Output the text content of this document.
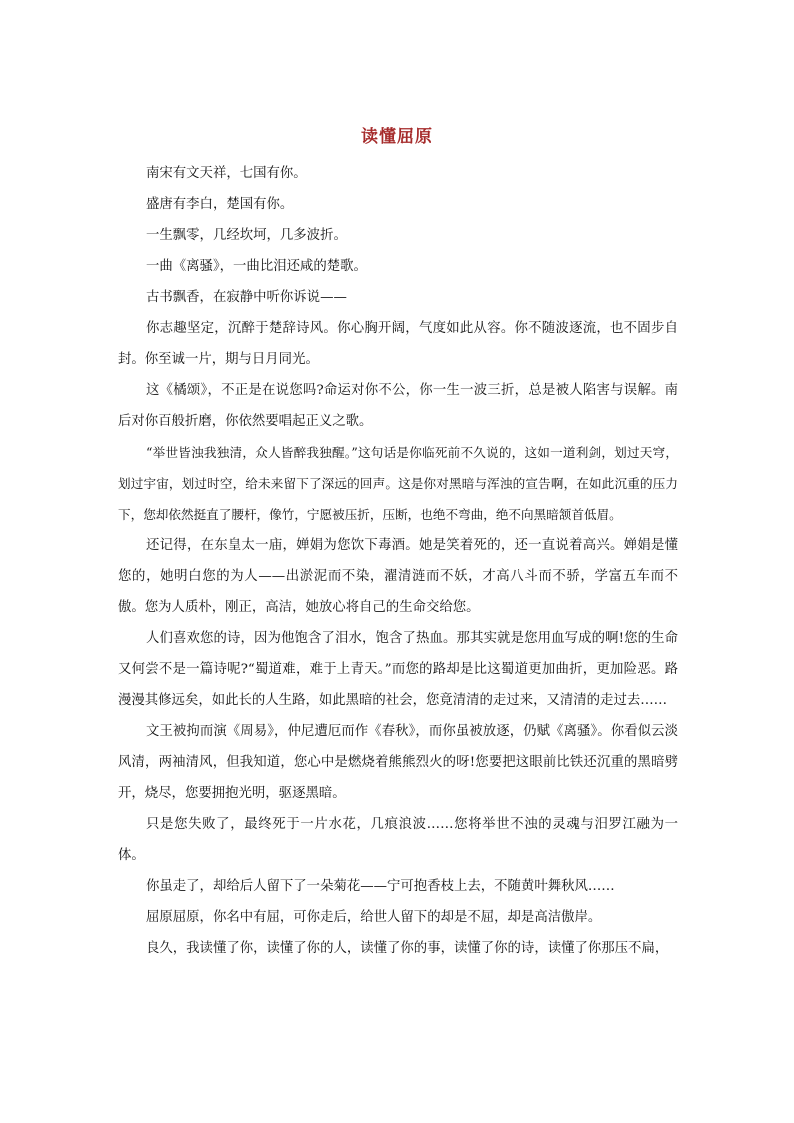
读懂屈原

南宋有文天祥，七国有你。

盛唐有李白，楚国有你。

一生飘零，几经坎坷，几多波折。

一曲《离骚》，一曲比泪还咸的楚歌。

古书飘香，在寂静中听你诉说——

你志趣坚定，沉醉于楚辞诗风。你心胸开阔，气度如此从容。你不随波逐流，也不固步自封。你至诚一片，期与日月同光。

这《橘颂》，不正是在说您吗?命运对你不公，你一生一波三折，总是被人陷害与误解。南后对你百般折磨，你依然要唱起正义之歌。

“举世皆浊我独清，众人皆醉我独醒。”这句话是你临死前不久说的，这如一道利剑，划过天穹，划过宇宙，划过时空，给未来留下了深远的回声。这是你对黑暗与浑浊的宣告啊，在如此沉重的压力下，您却依然挺直了腰杆，像竹，宁愿被压折，压断，也绝不弯曲，绝不向黑暗颔首低眉。

还记得，在东皇太一庙，婵娟为您饮下毒酒。她是笑着死的，还一直说着高兴。婵娟是懂您的，她明白您的为人——出淤泥而不染，濯清涟而不妖，才高八斗而不骄，学富五车而不傲。您为人质朴，刚正，高洁，她放心将自己的生命交给您。

人们喜欢您的诗，因为他饱含了泪水，饱含了热血。那其实就是您用血写成的啊!您的生命又何尝不是一篇诗呢?“蜀道难，难于上青天。”而您的路却是比这蜀道更加曲折，更加险恶。路漫漫其修远矣，如此长的人生路，如此黑暗的社会，您竟清清的走过来，又清清的走过去……

文王被拘而演《周易》，仲尼遭厄而作《春秋》，而你虽被放逐，仍赋《离骚》。你看似云淡风清，两袖清风，但我知道，您心中是燃烧着熊熊烈火的呀!您要把这眼前比铁还沉重的黑暗劈开，烧尽，您要拥抱光明，驱逐黑暗。

只是您失败了，最终死于一片水花，几痕浪波……您将举世不浊的灵魂与汨罗江融为一体。

你虽走了，却给后人留下了一朵菊花——宁可抱香枝上去，不随黄叶舞秋风……

屈原屈原，你名中有屈，可你走后，给世人留下的却是不屈，却是高洁傲岸。

良久，我读懂了你，读懂了你的人，读懂了你的事，读懂了你的诗，读懂了你那压不扁，
